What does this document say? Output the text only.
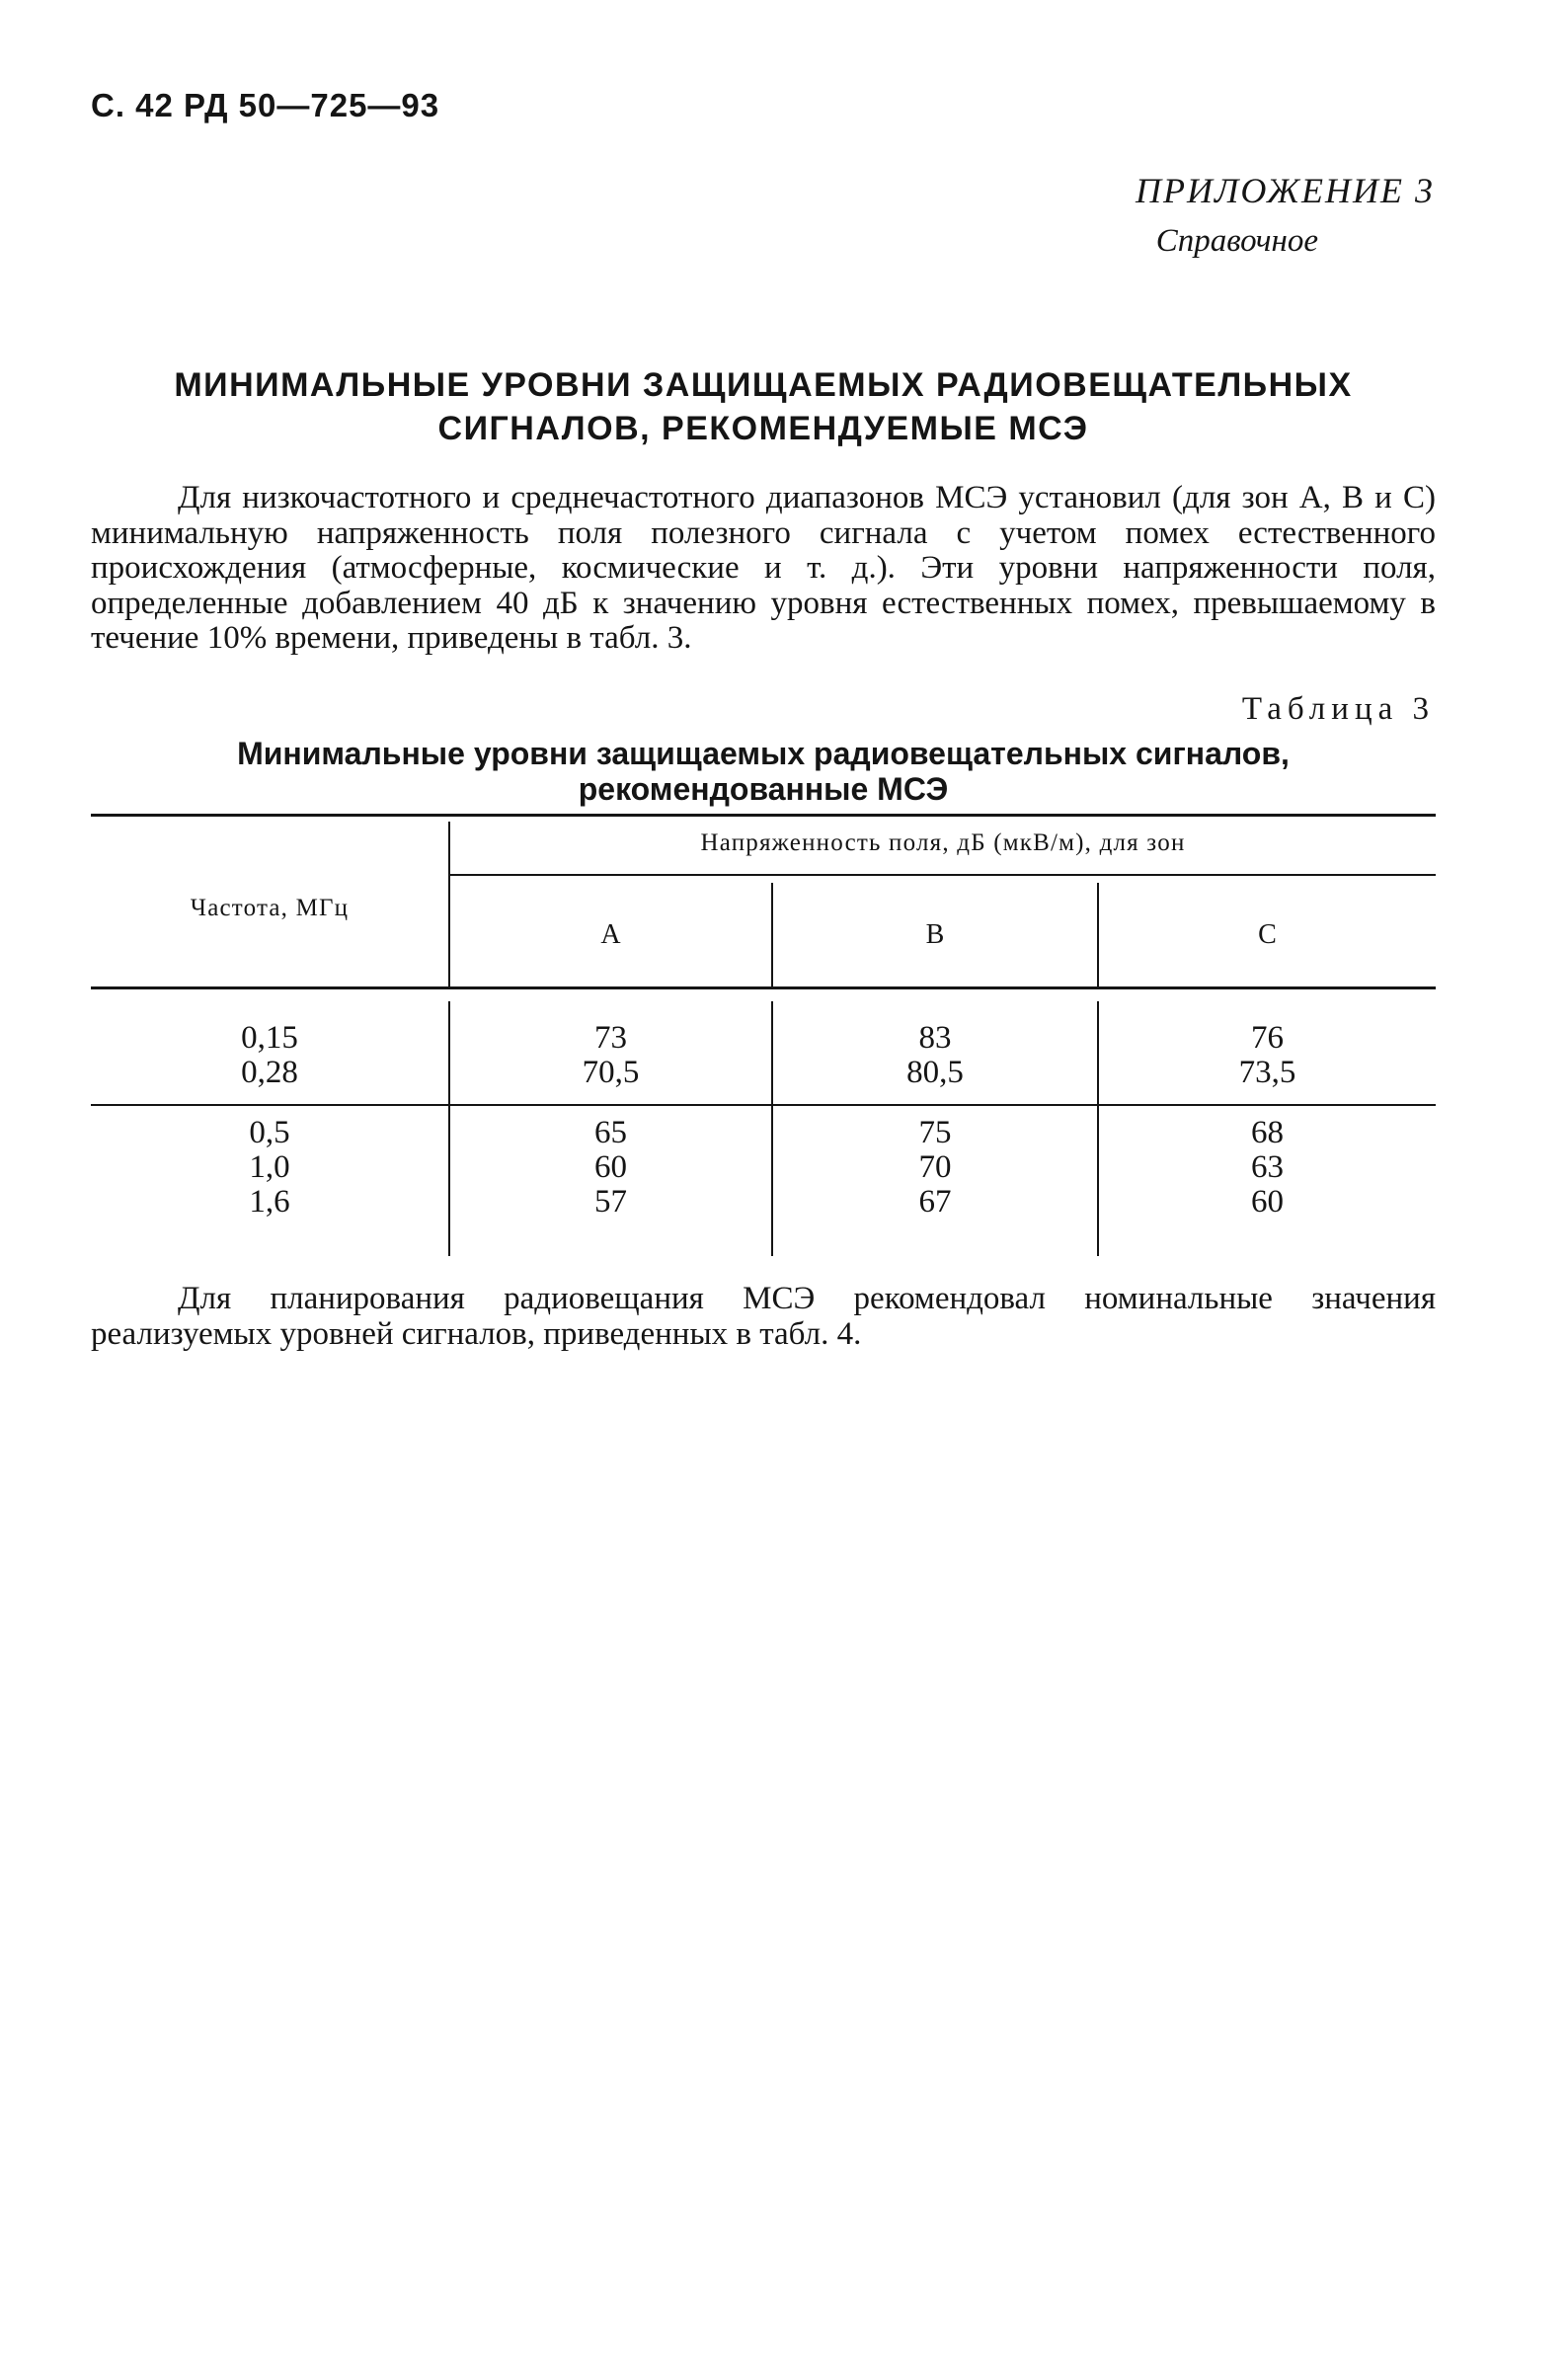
С. 42 РД 50—725—93
ПРИЛОЖЕНИЕ 3
Справочное
МИНИМАЛЬНЫЕ УРОВНИ ЗАЩИЩАЕМЫХ РАДИОВЕЩАТЕЛЬНЫХ СИГНАЛОВ, РЕКОМЕНДУЕМЫЕ МСЭ
Для низкочастотного и среднечастотного диапазонов МСЭ установил (для зон А, В и С) минимальную напряженность поля полезного сигнала с учетом помех естественного происхождения (атмосферные, космические и т. д.). Эти уровни напряженности поля, определенные добавлением 40 дБ к значению уровня естественных помех, превышаемому в течение 10% времени, приведены в табл. 3.
Таблица 3
Минимальные уровни защищаемых радиовещательных сигналов, рекомендованные МСЭ
Частота, МГц
Напряженность поля, дБ (мкВ/м), для зон
А	В	С
0,15
0,28
73
70,5
83
80,5
76
73,5
0,5
1,0
1,6
65
60
57
75
70
67
68
63
60
Для планирования радиовещания МСЭ рекомендовал номинальные значения реализуемых уровней сигналов, приведенных в табл. 4.
